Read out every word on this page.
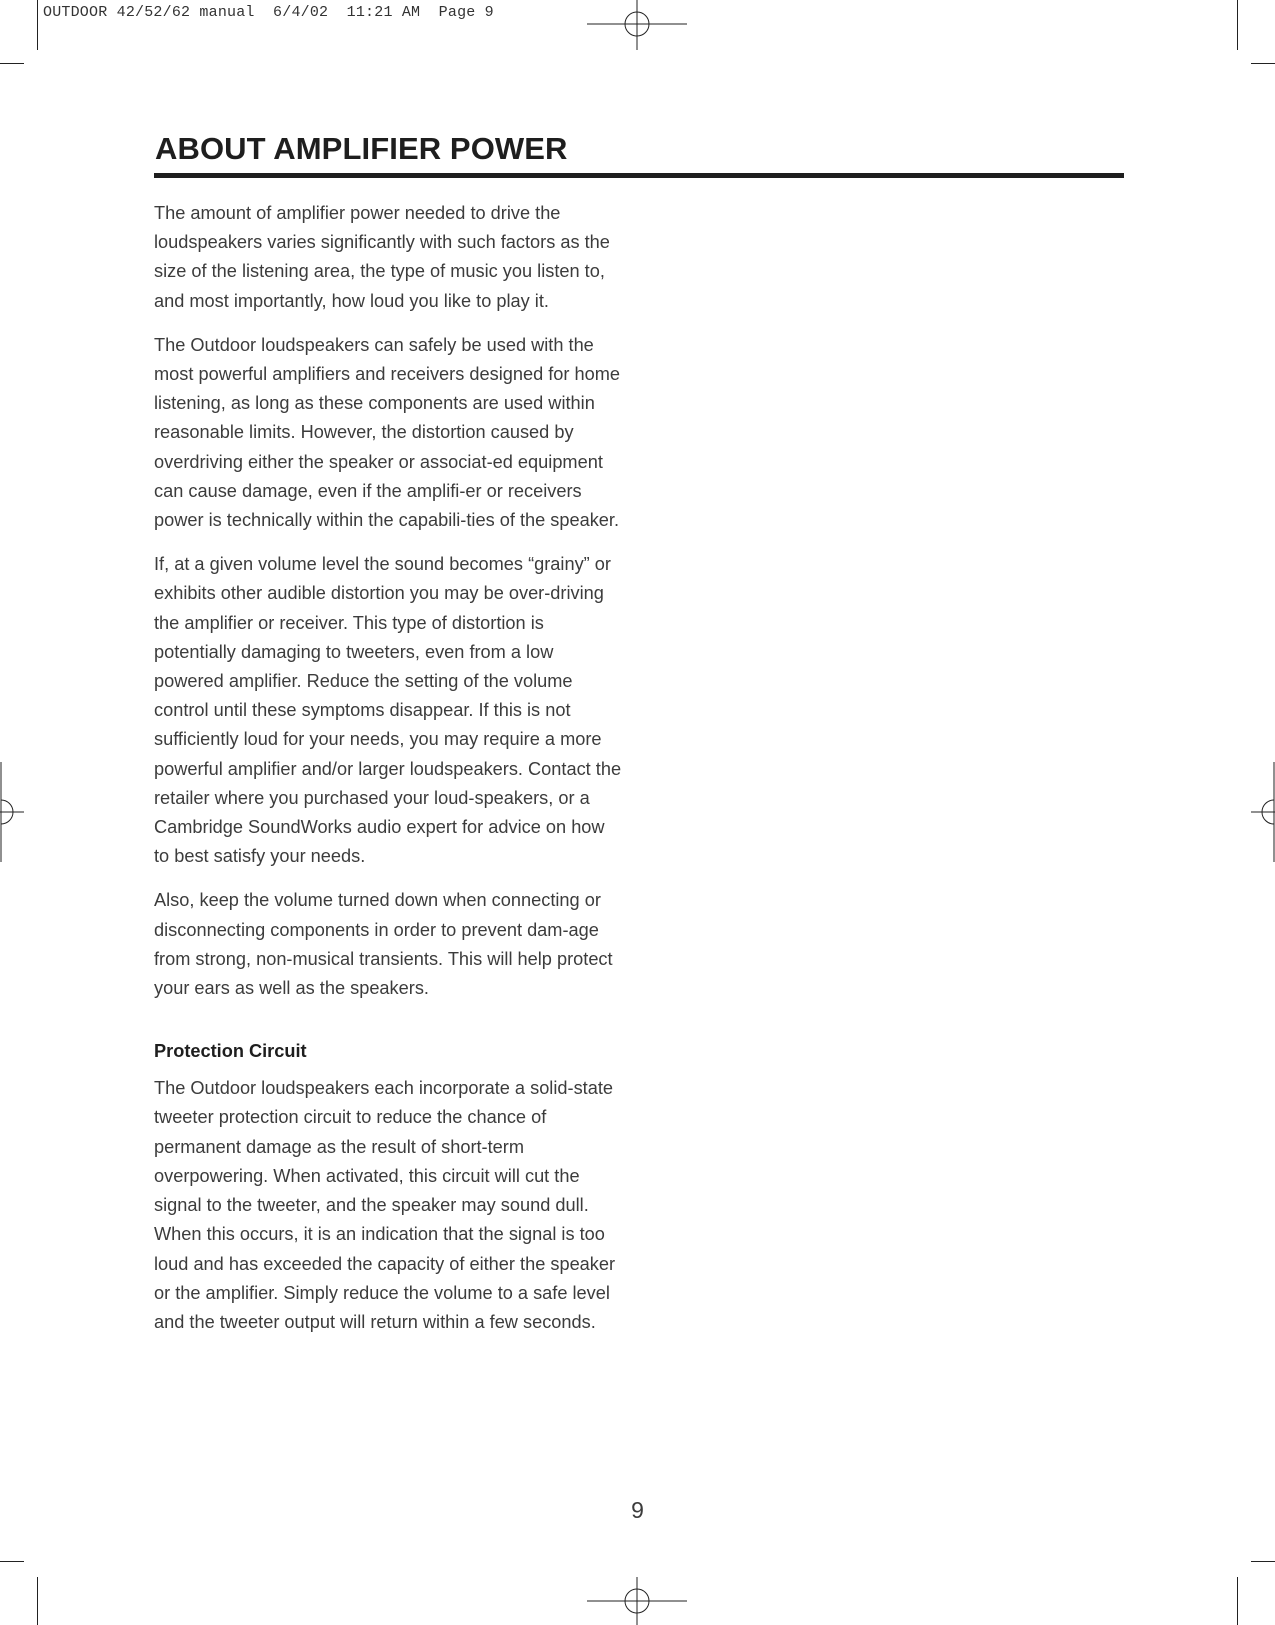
OUTDOOR 42/52/62 manual  6/4/02  11:21 AM  Page 9
ABOUT AMPLIFIER POWER

The amount of amplifier power needed to drive the loudspeakers varies significantly with such factors as the size of the listening area, the type of music you listen to, and most importantly, how loud you like to play it.

The Outdoor loudspeakers can safely be used with the most powerful amplifiers and receivers designed for home listening, as long as these components are used within reasonable limits. However, the distortion caused by overdriving either the speaker or associat-ed equipment can cause damage, even if the amplifi-er or receivers power is technically within the capabili-ties of the speaker.

If, at a given volume level the sound becomes “grainy” or exhibits other audible distortion you may be over-driving the amplifier or receiver. This type of distortion is potentially damaging to tweeters, even from a low powered amplifier. Reduce the setting of the volume control until these symptoms disappear. If this is not sufficiently loud for your needs, you may require a more powerful amplifier and/or larger loudspeakers. Contact the retailer where you purchased your loud-speakers, or a Cambridge SoundWorks audio expert for advice on how to best satisfy your needs.

Also, keep the volume turned down when connecting or disconnecting components in order to prevent dam-age from strong, non-musical transients. This will help protect your ears as well as the speakers.

Protection Circuit

The Outdoor loudspeakers each incorporate a solid-state tweeter protection circuit to reduce the chance of permanent damage as the result of short-term overpowering. When activated, this circuit will cut the signal to the tweeter, and the speaker may sound dull. When this occurs, it is an indication that the signal is too loud and has exceeded the capacity of either the speaker or the amplifier. Simply reduce the volume to a safe level and the tweeter output will return within a few seconds.

9
